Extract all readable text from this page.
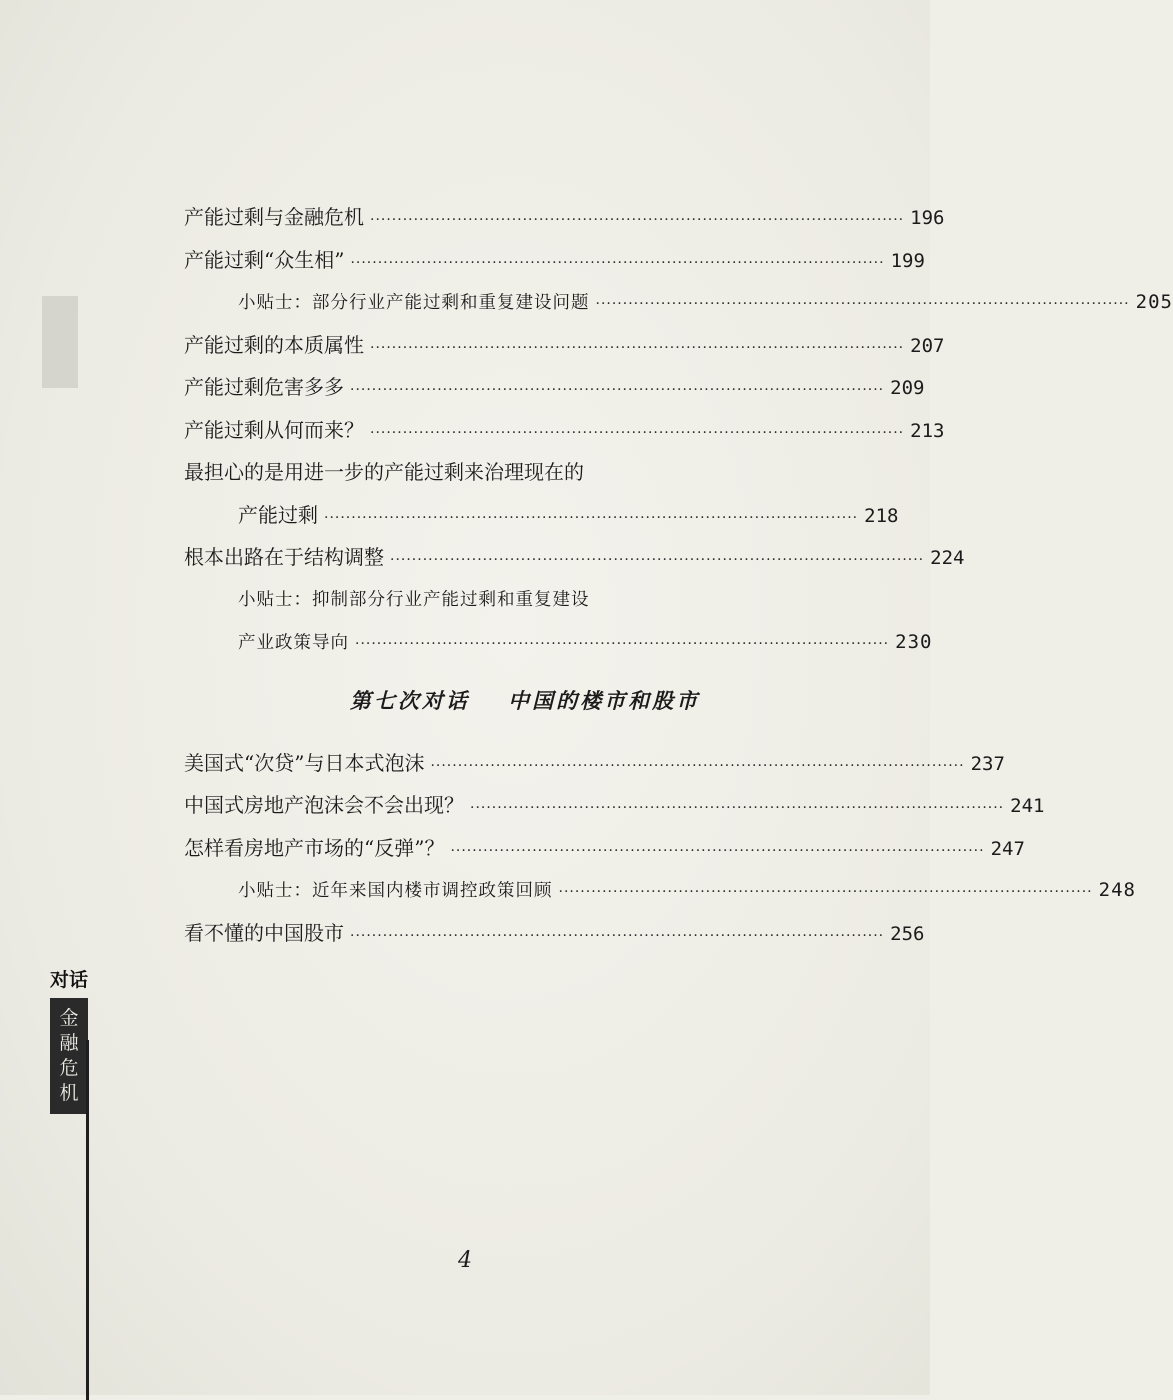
产能过剩与金融危机 ·································································································· 196
产能过剩“众生相” ·································································································· 199
小贴士：部分行业产能过剩和重复建设问题 ·································································································· 205
产能过剩的本质属性 ·································································································· 207
产能过剩危害多多 ·································································································· 209
产能过剩从何而来？ ·································································································· 213
最担心的是用进一步的产能过剩来治理现在的
产能过剩 ·································································································· 218
根本出路在于结构调整 ·································································································· 224
小贴士：抑制部分行业产能过剩和重复建设
产业政策导向 ·································································································· 230
第七次对话 中国的楼市和股市
美国式“次贷”与日本式泡沫 ·································································································· 237
中国式房地产泡沫会不会出现？ ·································································································· 241
怎样看房地产市场的“反弹”？ ·································································································· 247
小贴士：近年来国内楼市调控政策回顾 ·································································································· 248
看不懂的中国股市 ·································································································· 256
对话
金
融
危
机
4
